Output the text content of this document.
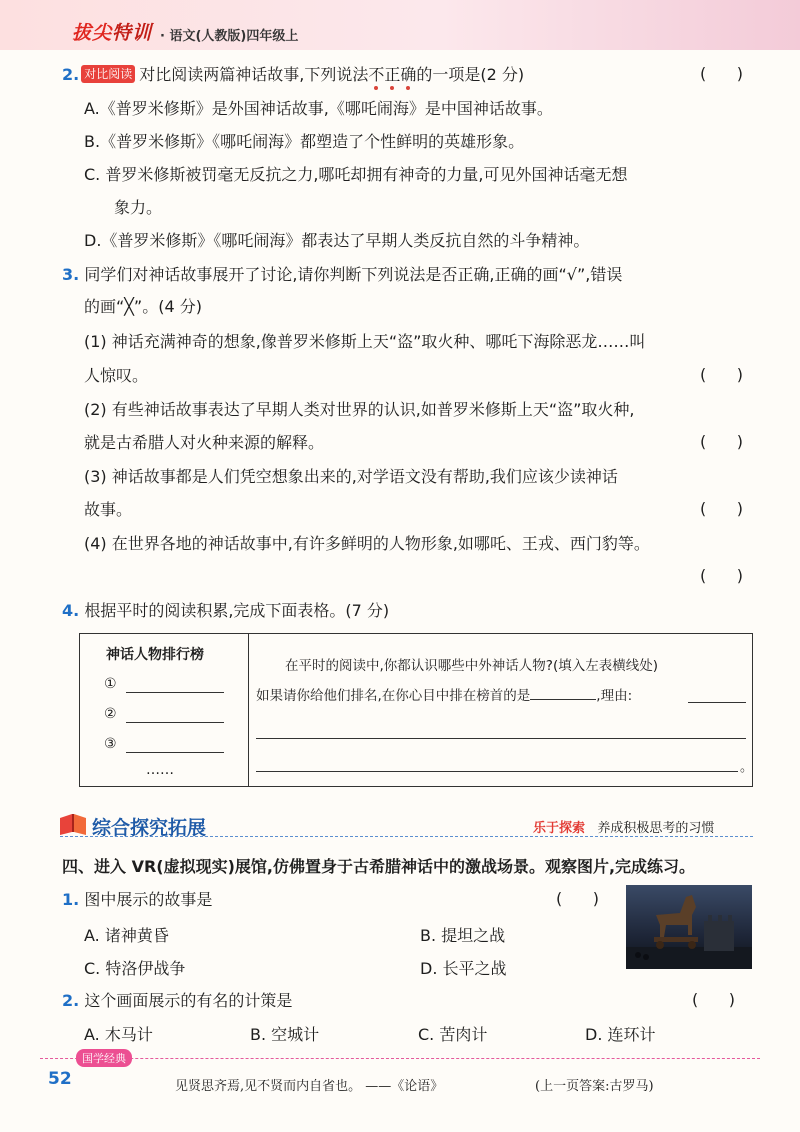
拔尖特训 · 语文(人教版)四年级上
2. 对比阅读 对比阅读两篇神话故事,下列说法不正确的一项是(2 分)	(      )
A.《普罗米修斯》是外国神话故事,《哪吒闹海》是中国神话故事。
B.《普罗米修斯》《哪吒闹海》都塑造了个性鲜明的英雄形象。
C. 普罗米修斯被罚毫无反抗之力,哪吒却拥有神奇的力量,可见外国神话毫无想
象力。
D.《普罗米修斯》《哪吒闹海》都表达了早期人类反抗自然的斗争精神。
3. 同学们对神话故事展开了讨论,请你判断下列说法是否正确,正确的画“√”,错误
的画“╳”。(4 分)
(1) 神话充满神奇的想象,像普罗米修斯上天“盗”取火种、哪吒下海除恶龙……叫
人惊叹。	(      )
(2) 有些神话故事表达了早期人类对世界的认识,如普罗米修斯上天“盗”取火种,
就是古希腊人对火种来源的解释。	(      )
(3) 神话故事都是人们凭空想象出来的,对学语文没有帮助,我们应该少读神话
故事。	(      )
(4) 在世界各地的神话故事中,有许多鲜明的人物形象,如哪吒、王戎、西门豹等。
(      )
4. 根据平时的阅读积累,完成下面表格。(7 分)
神话人物排行榜
①
②
③
……
在平时的阅读中,你都认识哪些中外神话人物?(填入左表横线处)
如果请你给他们排名,在你心目中排在榜首的是	,理由:
。
综合探究拓展	乐于探索 养成积极思考的习惯
四、进入 VR(虚拟现实)展馆,仿佛置身于古希腊神话中的激战场景。观察图片,完成练习。
1. 图中展示的故事是	(      )
A. 诸神黄昏	B. 提坦之战
C. 特洛伊战争	D. 长平之战
2. 这个画面展示的有名的计策是	(      )
A. 木马计	B. 空城计	C. 苦肉计	D. 连环计
国学经典
52	见贤思齐焉,见不贤而内自省也。 ——《论语》	(上一页答案:古罗马)
